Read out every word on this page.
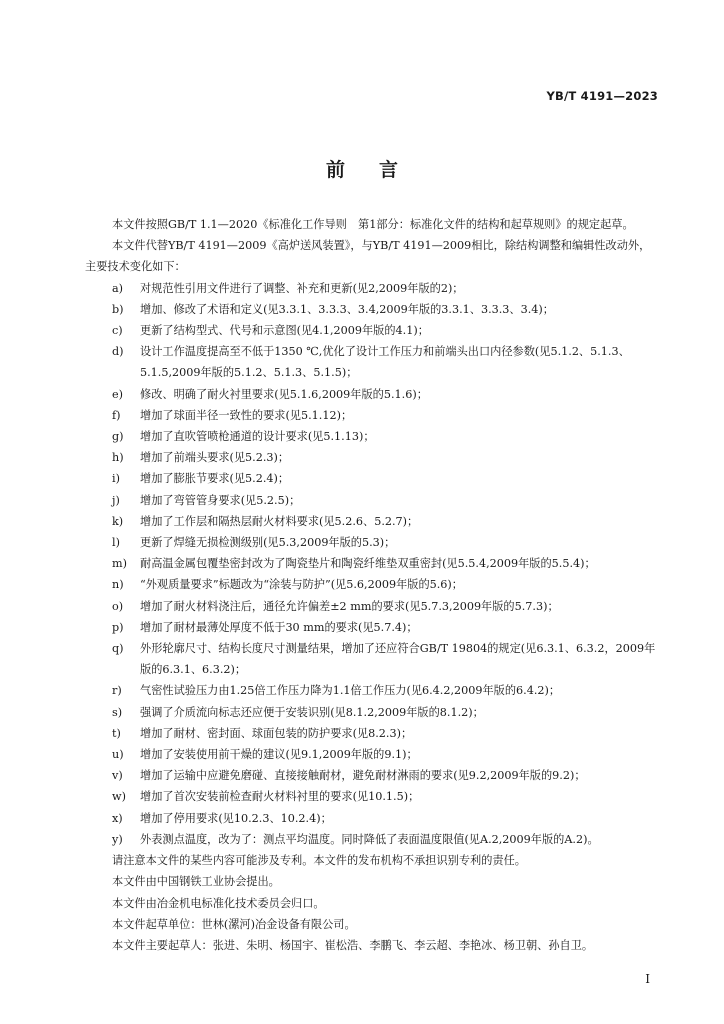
YB/T 4191—2023
前言

本文件按照GB/T 1.1—2020《标准化工作导则　第1部分：标准化文件的结构和起草规则》的规定起草。

本文件代替YB/T 4191—2009《高炉送风装置》，与YB/T 4191—2009相比，除结构调整和编辑性改动外，主要技术变化如下：

a)	对规范性引用文件进行了调整、补充和更新(见2,2009年版的2)；
b)	增加、修改了术语和定义(见3.3.1、3.3.3、3.4,2009年版的3.3.1、3.3.3、3.4)；
c)	更新了结构型式、代号和示意图(见4.1,2009年版的4.1)；
d)	设计工作温度提高至不低于1350 ℃,优化了设计工作压力和前端头出口内径参数(见5.1.2、5.1.3、5.1.5,2009年版的5.1.2、5.1.3、5.1.5)；
e)	修改、明确了耐火衬里要求(见5.1.6,2009年版的5.1.6)；
f)	增加了球面半径一致性的要求(见5.1.12)；
g)	增加了直吹管喷枪通道的设计要求(见5.1.13)；
h)	增加了前端头要求(见5.2.3)；
i)	增加了膨胀节要求(见5.2.4)；
j)	增加了弯管管身要求(见5.2.5)；
k)	增加了工作层和隔热层耐火材料要求(见5.2.6、5.2.7)；
l)	更新了焊缝无损检测级别(见5.3,2009年版的5.3)；
m)	耐高温金属包覆垫密封改为了陶瓷垫片和陶瓷纤维垫双重密封(见5.5.4,2009年版的5.5.4)；
n)	“外观质量要求”标题改为“涂装与防护”(见5.6,2009年版的5.6)；
o)	增加了耐火材料浇注后，通径允许偏差±2 mm的要求(见5.7.3,2009年版的5.7.3)；
p)	增加了耐材最薄处厚度不低于30 mm的要求(见5.7.4)；
q)	外形轮廓尺寸、结构长度尺寸测量结果，增加了还应符合GB/T 19804的规定(见6.3.1、6.3.2，2009年版的6.3.1、6.3.2)；
r)	气密性试验压力由1.25倍工作压力降为1.1倍工作压力(见6.4.2,2009年版的6.4.2)；
s)	强调了介质流向标志还应便于安装识别(见8.1.2,2009年版的8.1.2)；
t)	增加了耐材、密封面、球面包装的防护要求(见8.2.3)；
u)	增加了安装使用前干燥的建议(见9.1,2009年版的9.1)；
v)	增加了运输中应避免磨碰、直接接触耐材，避免耐材淋雨的要求(见9.2,2009年版的9.2)；
w)	增加了首次安装前检查耐火材料衬里的要求(见10.1.5)；
x)	增加了停用要求(见10.2.3、10.2.4)；
y)	外表测点温度，改为了：测点平均温度。同时降低了表面温度限值(见A.2,2009年版的A.2)。

请注意本文件的某些内容可能涉及专利。本文件的发布机构不承担识别专利的责任。

本文件由中国钢铁工业协会提出。

本文件由冶金机电标准化技术委员会归口。

本文件起草单位：世林(漯河)冶金设备有限公司。

本文件主要起草人：张进、朱明、杨国宇、崔松浩、李鹏飞、李云超、李艳冰、杨卫朝、孙自卫。

I
